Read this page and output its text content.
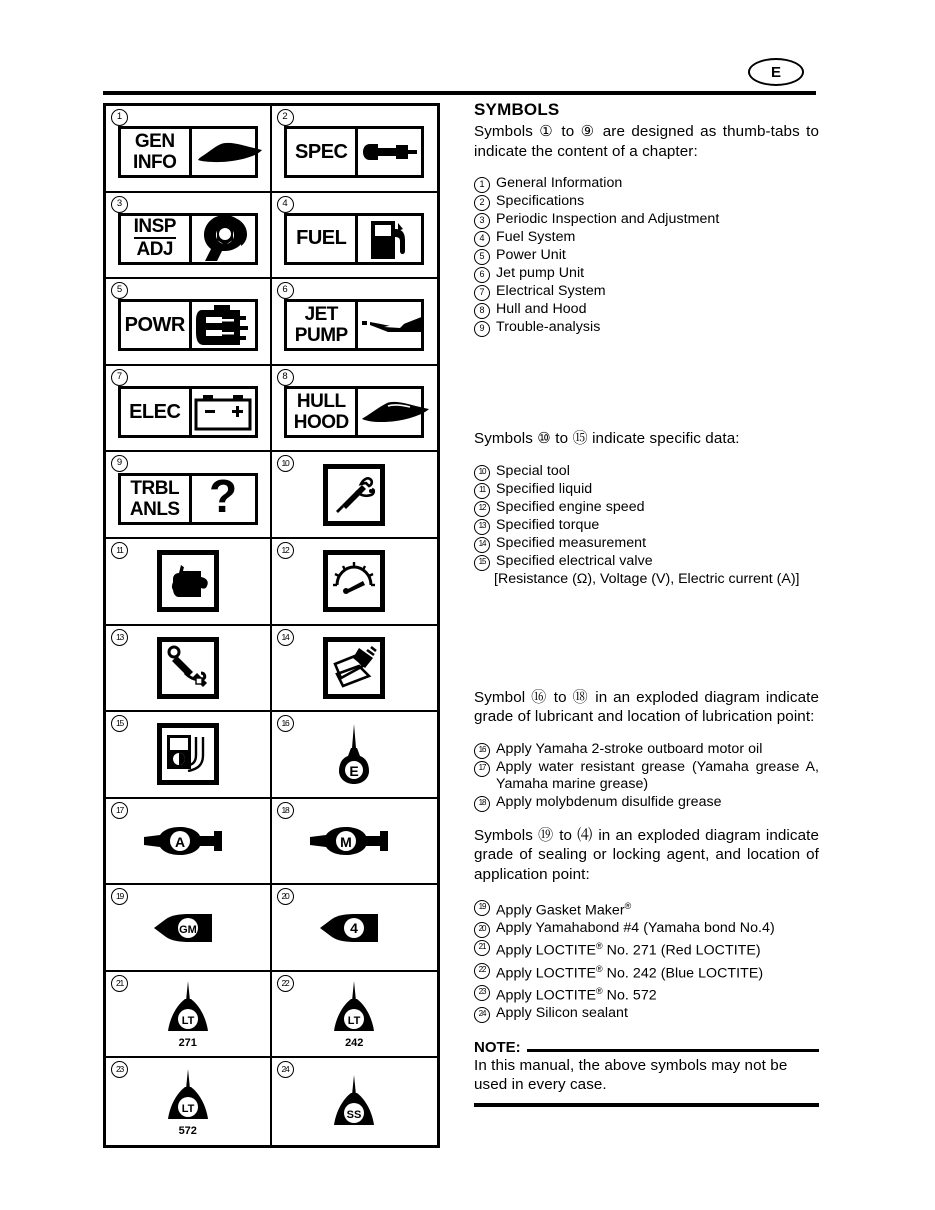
E
1
GEN
INFO
2
SPEC
3
INSP
ADJ
4
FUEL
5
POWR
6
JET
PUMP
7
ELEC
8
HULL
HOOD
9
TRBL
ANLS ?
10
11	12
13	14
15	16
E
17
A
18
M
19
GM
20
4
21
LT
271
22
LT
242
23
LT
572
24
SS
SYMBOLS

Symbols ① to ⑨ are designed as thumb-tabs to indicate the content of a chapter:

1 General Information
2 Specifications
3 Periodic Inspection and Adjustment
4 Fuel System
5 Power Unit
6 Jet pump Unit
7 Electrical System
8 Hull and Hood
9 Trouble-analysis

Symbols ⑩ to ⑮ indicate specific data:

10 Special tool
11 Specified liquid
12 Specified engine speed
13 Specified torque
14 Specified measurement
15 Specified electrical valve
[Resistance (Ω), Voltage (V), Electric current (A)]

Symbol ⑯ to ⑱ in an exploded diagram indicate grade of lubricant and location of lubrication point:

16 Apply Yamaha 2-stroke outboard motor oil
17 Apply water resistant grease (Yamaha grease A, Yamaha marine grease)
18 Apply molybdenum disulfide grease

Symbols ⑲ to ⑷ in an exploded diagram indicate grade of sealing or locking agent, and location of application point:

19 Apply Gasket Maker®
20 Apply Yamahabond #4 (Yamaha bond No.4)
21 Apply LOCTITE® No. 271 (Red LOCTITE)
22 Apply LOCTITE® No. 242 (Blue LOCTITE)
23 Apply LOCTITE® No. 572
24 Apply Silicon sealant
NOTE:

In this manual, the above symbols may not be used in every case.
